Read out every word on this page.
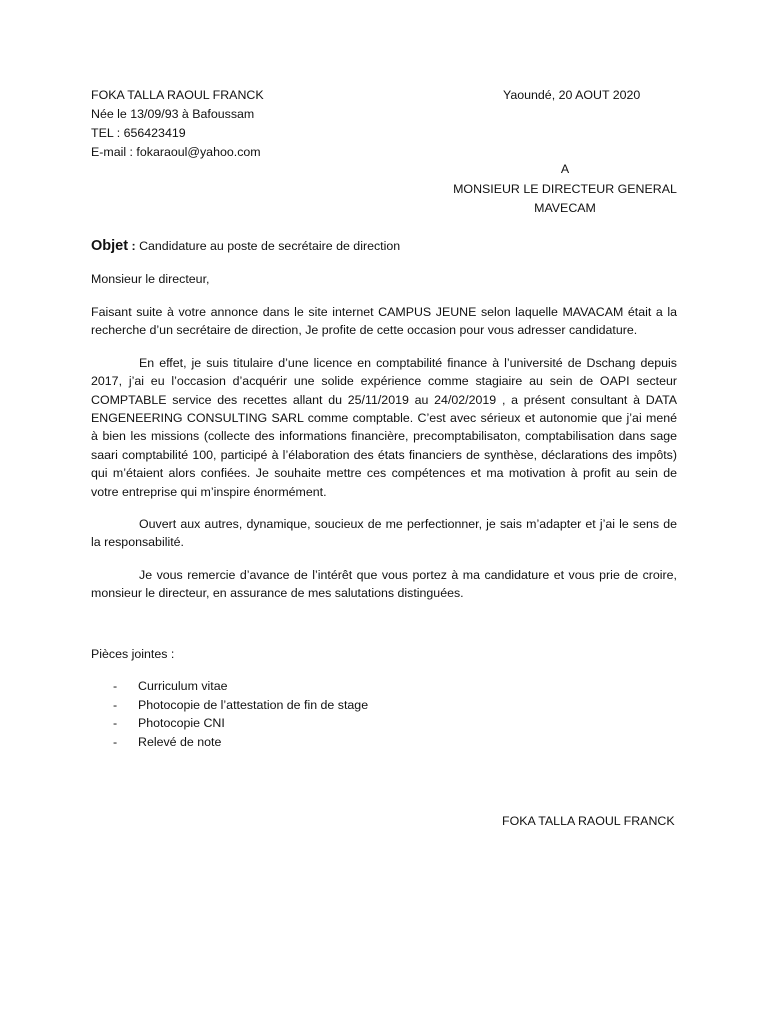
FOKA TALLA RAOUL FRANCK
Née le 13/09/93 à Bafoussam
TEL : 656423419
E-mail : fokaraoul@yahoo.com
Yaoundé, 20 AOUT 2020
A
MONSIEUR LE DIRECTEUR GENERAL
MAVECAM
Objet : Candidature au poste de secrétaire de direction
Monsieur le directeur,

Faisant suite à votre annonce dans le site internet CAMPUS JEUNE selon laquelle MAVACAM était a la recherche d’un secrétaire de direction, Je profite de cette occasion pour vous adresser candidature.

En effet, je suis titulaire d’une licence en comptabilité finance à l’université de Dschang depuis 2017, j’ai eu l’occasion d’acquérir une solide expérience comme stagiaire au sein de OAPI secteur COMPTABLE service des recettes allant du 25/11/2019 au 24/02/2019 , a présent consultant à DATA ENGENEERING CONSULTING SARL comme comptable. C’est avec sérieux et autonomie que j’ai mené à bien les missions (collecte des informations financière, precomptabilisaton, comptabilisation dans sage saari comptabilité 100, participé à l’élaboration des états financiers de synthèse, déclarations des impôts) qui m’étaient alors confiées. Je souhaite mettre ces compétences et ma motivation à profit au sein de votre entreprise qui m’inspire énormément.

Ouvert aux autres, dynamique, soucieux de me perfectionner, je sais m’adapter et j’ai le sens de la responsabilité.

Je vous remercie d’avance de l’intérêt que vous portez à ma candidature et vous prie de croire, monsieur le directeur, en assurance de mes salutations distinguées.

Pièces jointes :
- Curriculum vitae
- Photocopie de l’attestation de fin de stage
- Photocopie CNI
- Relevé de note
FOKA TALLA RAOUL FRANCK
